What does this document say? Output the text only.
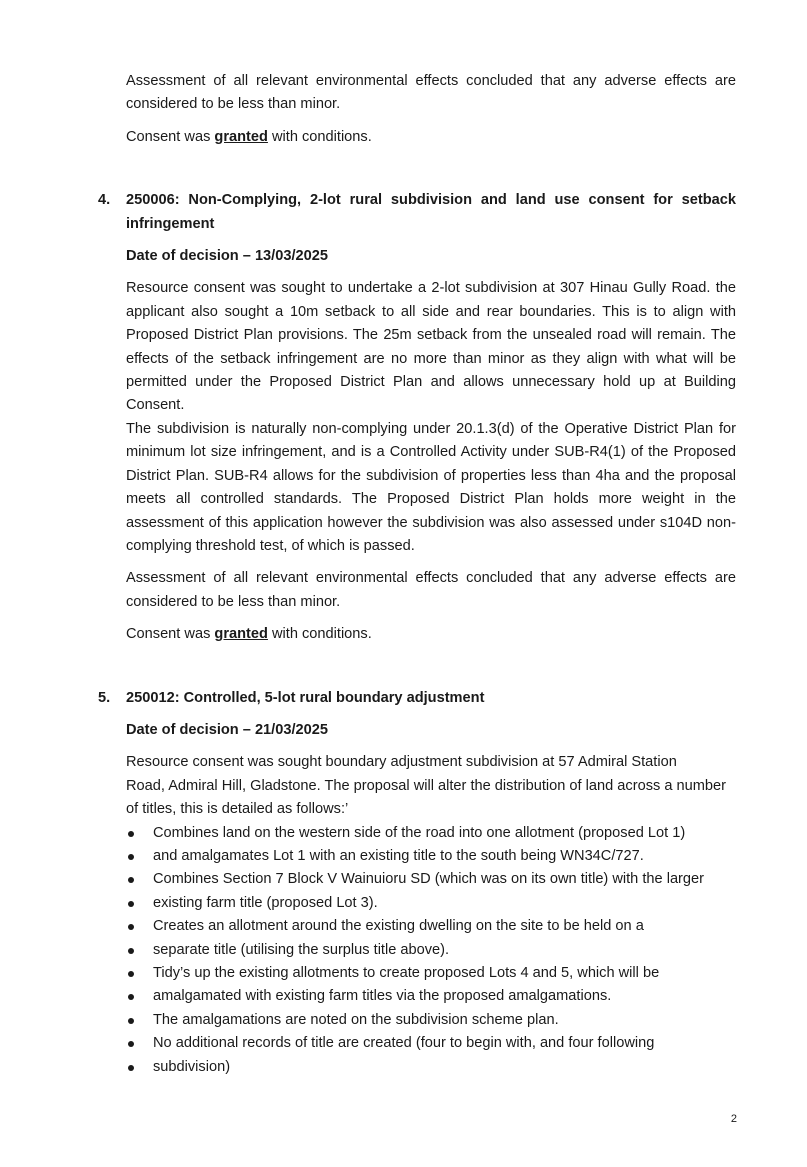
Assessment of all relevant environmental effects concluded that any adverse effects are considered to be less than minor.

Consent was granted with conditions.

4. 250006: Non-Complying, 2-lot rural subdivision and land use consent for setback infringement

Date of decision – 13/03/2025

Resource consent was sought to undertake a 2-lot subdivision at 307 Hinau Gully Road. the applicant also sought a 10m setback to all side and rear boundaries. This is to align with Proposed District Plan provisions. The 25m setback from the unsealed road will remain. The effects of the setback infringement are no more than minor as they align with what will be permitted under the Proposed District Plan and allows unnecessary hold up at Building Consent.

The subdivision is naturally non-complying under 20.1.3(d) of the Operative District Plan for minimum lot size infringement, and is a Controlled Activity under SUB-R4(1) of the Proposed District Plan. SUB-R4 allows for the subdivision of properties less than 4ha and the proposal meets all controlled standards. The Proposed District Plan holds more weight in the assessment of this application however the subdivision was also assessed under s104D non-complying threshold test, of which is passed.

Assessment of all relevant environmental effects concluded that any adverse effects are considered to be less than minor.

Consent was granted with conditions.

5. 250012: Controlled, 5-lot rural boundary adjustment

Date of decision – 21/03/2025

Resource consent was sought boundary adjustment subdivision at 57 Admiral Station
Road, Admiral Hill, Gladstone. The proposal will alter the distribution of land across a number
of titles, this is detailed as follows:’
Combines land on the western side of the road into one allotment (proposed Lot 1)
and amalgamates Lot 1 with an existing title to the south being WN34C/727.
Combines Section 7 Block V Wainuioru SD (which was on its own title) with the larger
existing farm title (proposed Lot 3).
Creates an allotment around the existing dwelling on the site to be held on a
separate title (utilising the surplus title above).
Tidy’s up the existing allotments to create proposed Lots 4 and 5, which will be
amalgamated with existing farm titles via the proposed amalgamations.
The amalgamations are noted on the subdivision scheme plan.
No additional records of title are created (four to begin with, and four following
subdivision)
2
